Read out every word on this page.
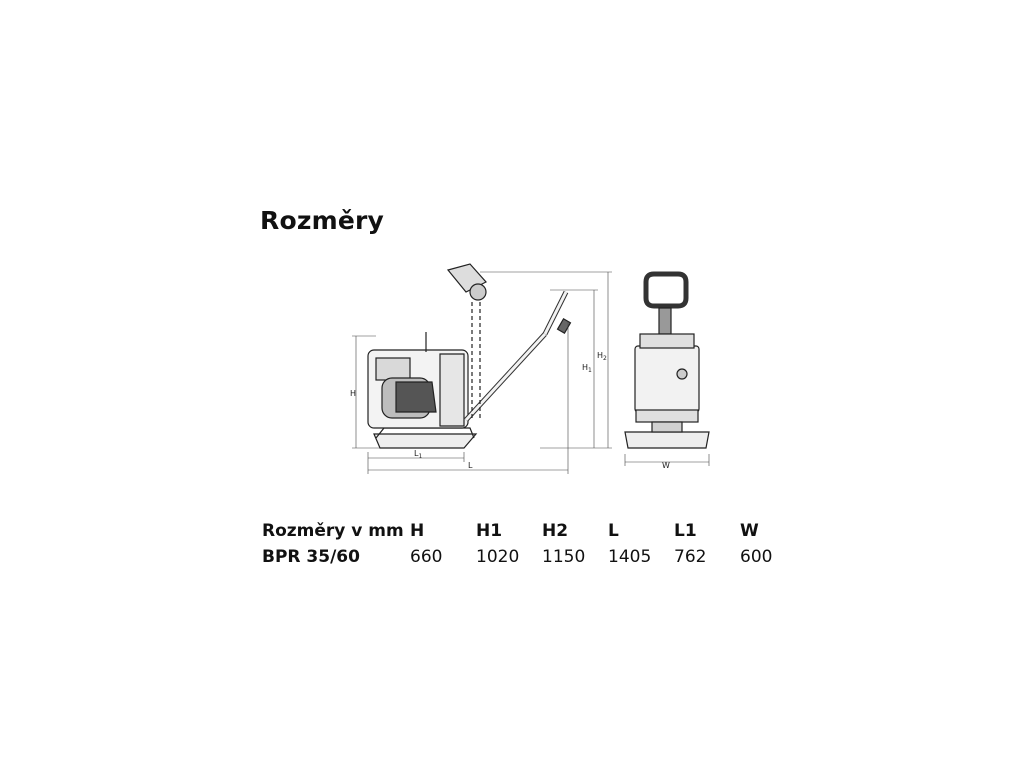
Rozměry
H
$H_1$
$H_2$
$L_1$
L	W
Rozměry v mm	H	H1	H2	L	L1	W
BPR 35/60	660	1020	1150	1405	762	600
